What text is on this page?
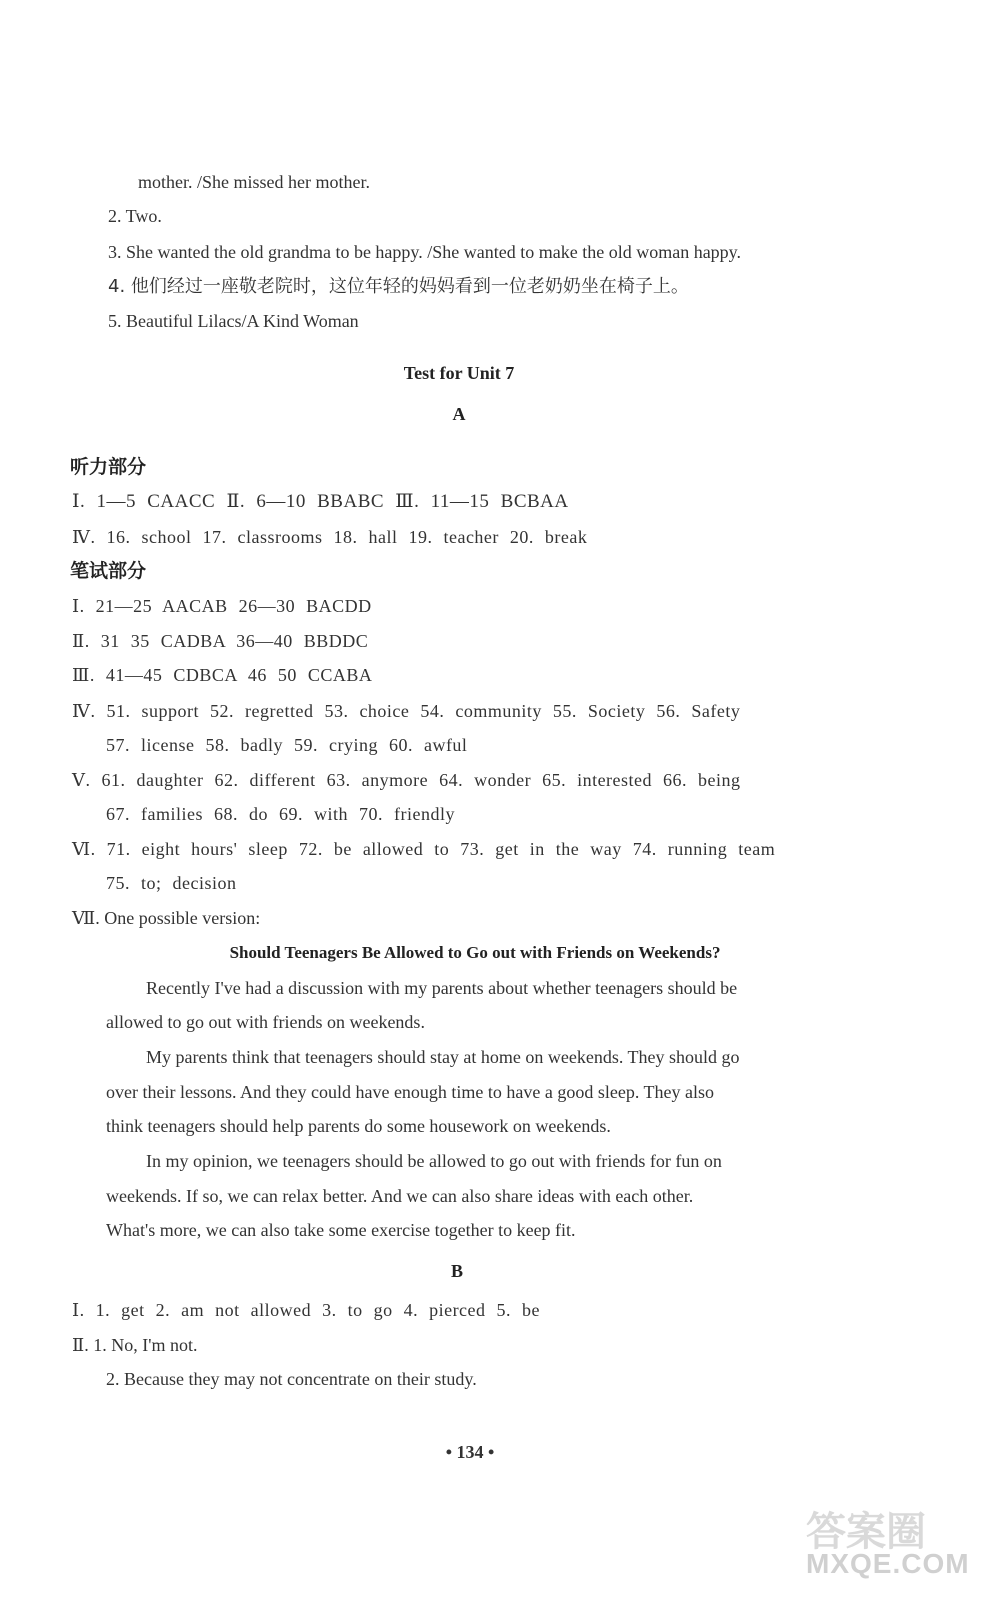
mother. /She missed her mother.
2. Two.
3. She wanted the old grandma to be happy. /She wanted to make the old woman happy.
4. 他们经过一座敬老院时，这位年轻的妈妈看到一位老奶奶坐在椅子上。
5. Beautiful Lilacs/A Kind Woman
Test for Unit 7
A
听力部分
Ⅰ. 1—5 CAACC Ⅱ. 6—10 BBABC Ⅲ. 11—15 BCBAA
Ⅳ. 16. school 17. classrooms 18. hall 19. teacher 20. break
笔试部分
Ⅰ. 21—25 AACAB 26—30 BACDD
Ⅱ. 31 35 CADBA 36—40 BBDDC
Ⅲ. 41—45 CDBCA 46 50 CCABA
Ⅳ. 51. support 52. regretted 53. choice 54. community 55. Society 56. Safety
57. license 58. badly 59. crying 60. awful
Ⅴ. 61. daughter 62. different 63. anymore 64. wonder 65. interested 66. being
67. families 68. do 69. with 70. friendly
Ⅵ. 71. eight hours' sleep 72. be allowed to 73. get in the way 74. running team
75. to; decision
Ⅶ. One possible version:
Should Teenagers Be Allowed to Go out with Friends on Weekends?
Recently I've had a discussion with my parents about whether teenagers should be
allowed to go out with friends on weekends.
My parents think that teenagers should stay at home on weekends. They should go
over their lessons. And they could have enough time to have a good sleep. They also
think teenagers should help parents do some housework on weekends.
In my opinion, we teenagers should be allowed to go out with friends for fun on
weekends. If so, we can relax better. And we can also share ideas with each other.
What's more, we can also take some exercise together to keep fit.
B
Ⅰ. 1. get 2. am not allowed 3. to go 4. pierced 5. be
Ⅱ. 1. No, I'm not.
2. Because they may not concentrate on their study.
• 134 •
答案圈
MXQE.COM
